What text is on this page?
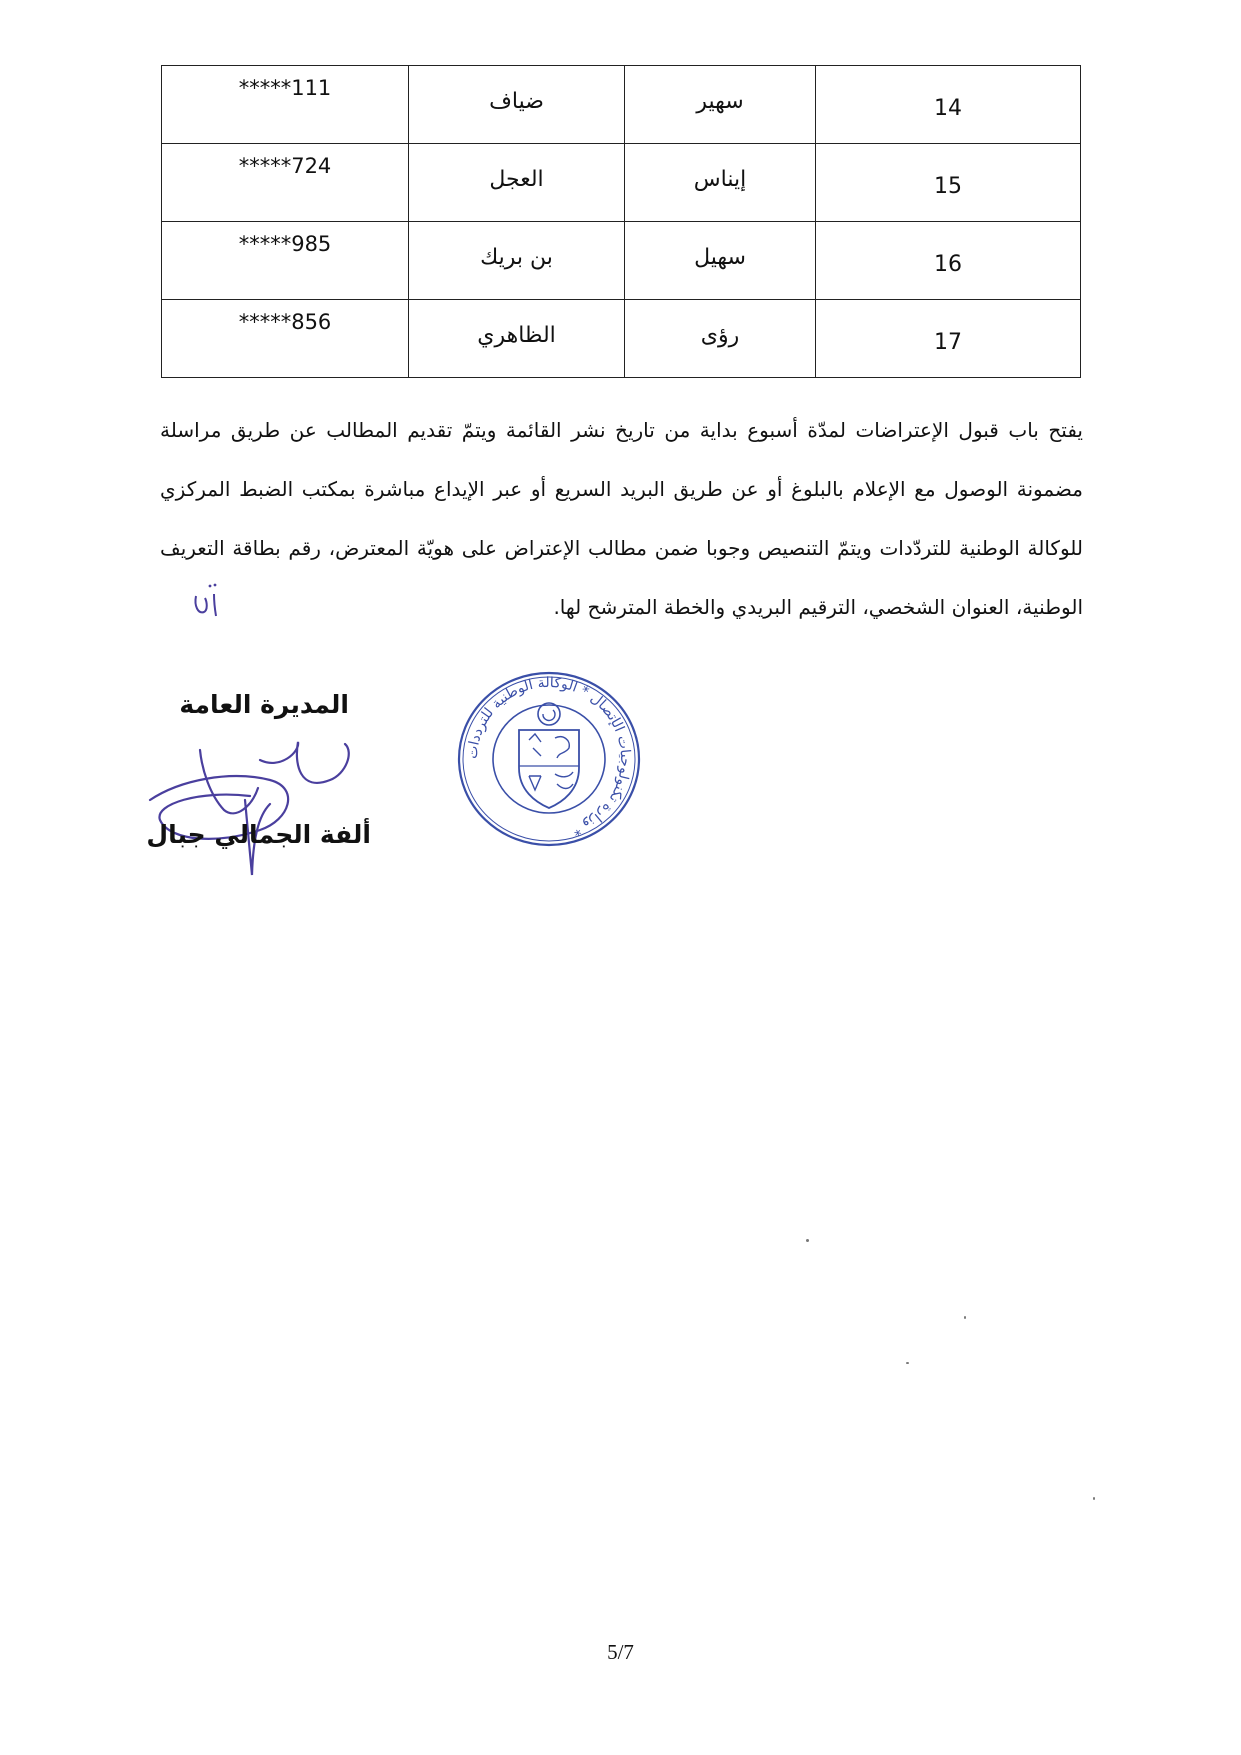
*****111	ضياف	سهير	14
*****724	العجل	إيناس	15
*****985	بن بريك	سهيل	16
*****856	الظاهري	رؤى	17

يفتح باب قبول الإعتراضات لمدّة أسبوع بداية من تاريخ نشر القائمة ويتمّ تقديم المطالب عن طريق مراسلة مضمونة الوصول مع الإعلام بالبلوغ أو عن طريق البريد السريع أو عبر الإيداع مباشرة بمكتب الضبط المركزي للوكالة الوطنية للتردّدات ويتمّ التنصيص وجوبا ضمن مطالب الإعتراض على هويّة المعترض، رقم بطاقة التعريف الوطنية، العنوان الشخصي، الترقيم البريدي والخطة المترشح لها.

المديرة العامة
ألفة الجمالي جبال
وزارة تكنولوجيات الإتصال * الوكالة الوطنية للترددات *
5/7
